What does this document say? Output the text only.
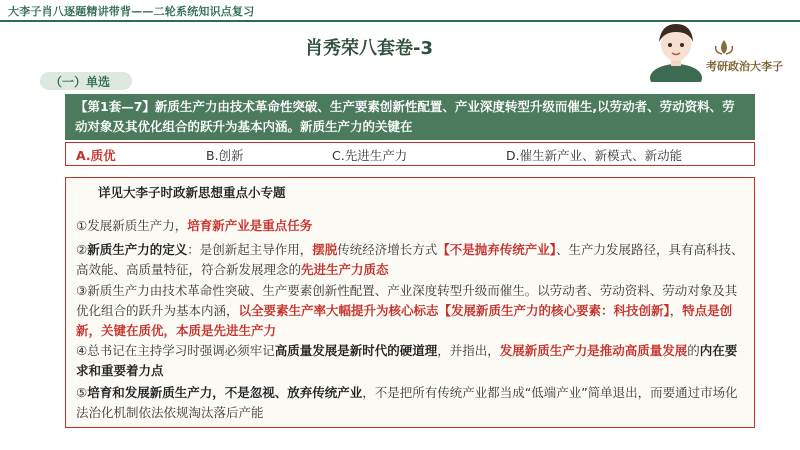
大李子肖八逐题精讲带背——二轮系统知识点复习
肖秀荣八套卷-3
考研政治大李子
（一）单选
【第1套—7】新质生产力由技术革命性突破、生产要素创新性配置、产业深度转型升级而催生,以劳动者、劳动资料、劳动对象及其优化组合的跃升为基本内涵。新质生产力的关键在
A.质优	B.创新	C.先进生产力	D.催生新产业、新模式、新动能
详见大李子时政新思想重点小专题
①发展新质生产力，培育新产业是重点任务
②新质生产力的定义：是创新起主导作用，摆脱传统经济增长方式【不是抛弃传统产业】、生产力发展路径，具有高科技、高效能、高质量特征，符合新发展理念的先进生产力质态
③新质生产力由技术革命性突破、生产要素创新性配置、产业深度转型升级而催生。以劳动者、劳动资料、劳动对象及其优化组合的跃升为基本内涵，以全要素生产率大幅提升为核心标志【发展新质生产力的核心要素：科技创新】，特点是创新，关键在质优，本质是先进生产力
④总书记在主持学习时强调必须牢记高质量发展是新时代的硬道理，并指出，发展新质生产力是推动高质量发展的内在要求和重要着力点
⑤培育和发展新质生产力，不是忽视、放弃传统产业，不是把所有传统产业都当成“低端产业”简单退出，而要通过市场化法治化机制依法依规淘汰落后产能
